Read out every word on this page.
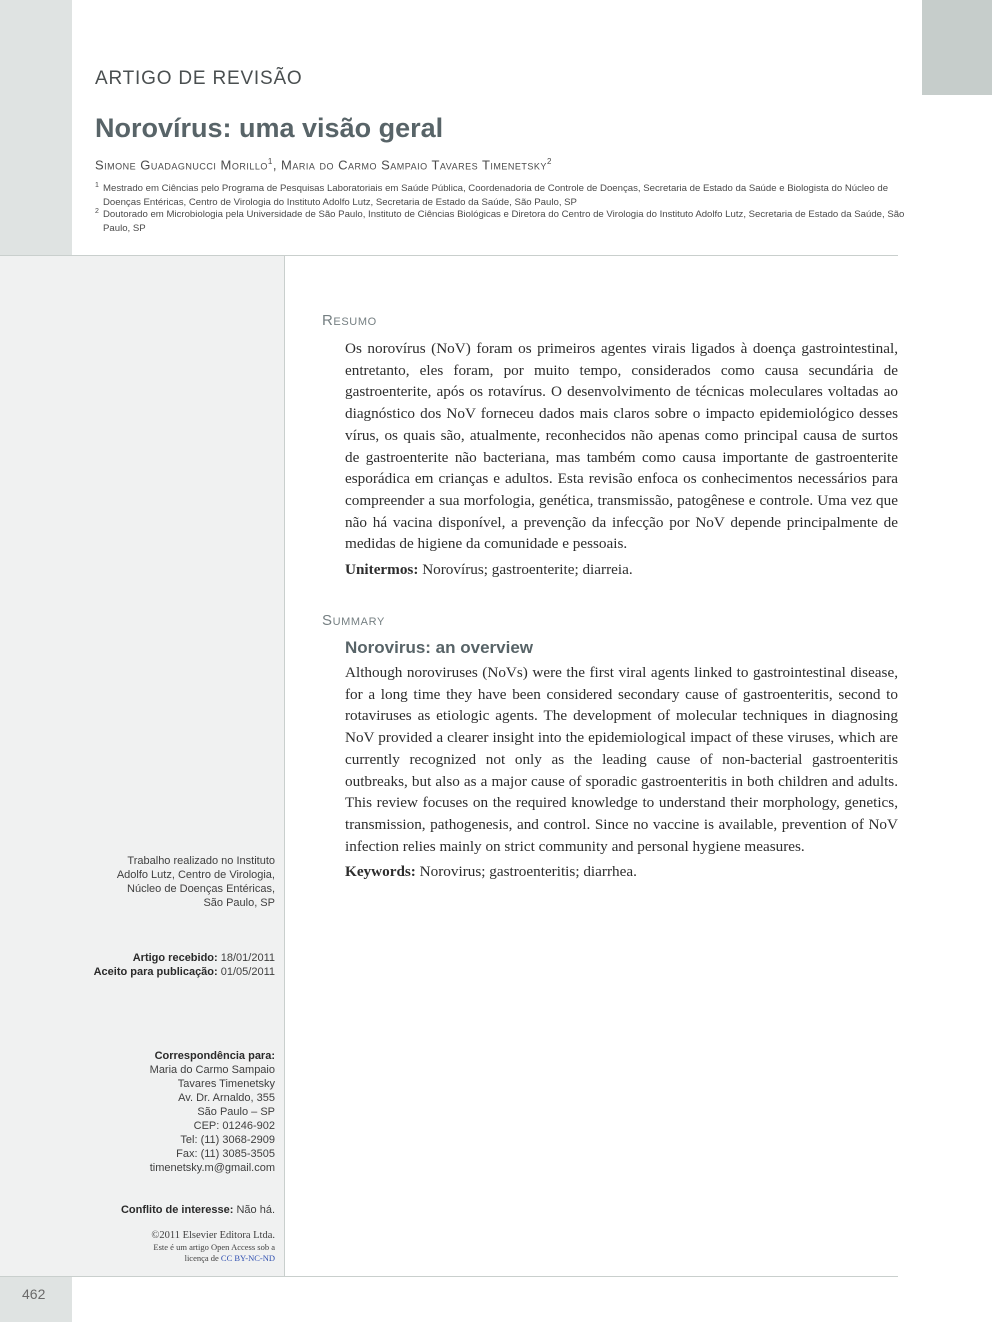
ARTIGO DE REVISÃO
Norovírus: uma visão geral
Simone Guadagnucci Morillo$^1$, Maria do Carmo Sampaio Tavares Timenetsky$^2$
1 Mestrado em Ciências pelo Programa de Pesquisas Laboratoriais em Saúde Pública, Coordenadoria de Controle de Doenças, Secretaria de Estado da Saúde e Biologista do Núcleo de Doenças Entéricas, Centro de Virologia do Instituto Adolfo Lutz, Secretaria de Estado da Saúde, São Paulo, SP
2 Doutorado em Microbiologia pela Universidade de São Paulo, Instituto de Ciências Biológicas e Diretora do Centro de Virologia do Instituto Adolfo Lutz, Secretaria de Estado da Saúde, São Paulo, SP
Resumo
Os norovírus (NoV) foram os primeiros agentes virais ligados à doença gastrointestinal, entretanto, eles foram, por muito tempo, considerados como causa secundária de gastroenterite, após os rotavírus. O desenvolvimento de técnicas moleculares voltadas ao diagnóstico dos NoV forneceu dados mais claros sobre o impacto epidemiológico desses vírus, os quais são, atualmente, reconhecidos não apenas como principal causa de surtos de gastroenterite não bacteriana, mas também como causa importante de gastroenterite esporádica em crianças e adultos. Esta revisão enfoca os conhecimentos necessários para compreender a sua morfologia, genética, transmissão, patogênese e controle. Uma vez que não há vacina disponível, a prevenção da infecção por NoV depende principalmente de medidas de higiene da comunidade e pessoais.
Unitermos: Norovírus; gastroenterite; diarreia.
Summary
Norovirus: an overview
Although noroviruses (NoVs) were the first viral agents linked to gastrointestinal disease, for a long time they have been considered secondary cause of gastroenteritis, second to rotaviruses as etiologic agents. The development of molecular techniques in diagnosing NoV provided a clearer insight into the epidemiological impact of these viruses, which are currently recognized not only as the leading cause of non-bacterial gastroenteritis outbreaks, but also as a major cause of sporadic gastroenteritis in both children and adults. This review focuses on the required knowledge to understand their morphology, genetics, transmission, pathogenesis, and control. Since no vaccine is available, prevention of NoV infection relies mainly on strict community and personal hygiene measures.
Keywords: Norovirus; gastroenteritis; diarrhea.
Trabalho realizado no Instituto
Adolfo Lutz, Centro de Virologia,
Núcleo de Doenças Entéricas,
São Paulo, SP
Artigo recebido: 18/01/2011
Aceito para publicação: 01/05/2011
Correspondência para:
Maria do Carmo Sampaio
Tavares Timenetsky
Av. Dr. Arnaldo, 355
São Paulo – SP
CEP: 01246-902
Tel: (11) 3068-2909
Fax: (11) 3085-3505
timenetsky.m@gmail.com
Conflito de interesse: Não há.
©2011 Elsevier Editora Ltda.
Este é um artigo Open Access sob a
licença de CC BY-NC-ND
462
